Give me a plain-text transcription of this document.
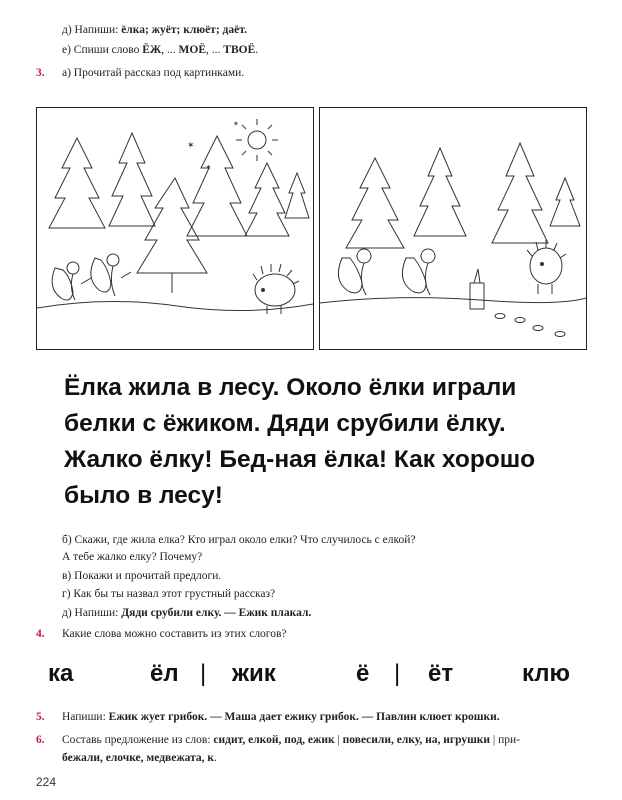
д) Напиши: ёлка; жуёт; клюёт; даёт.
е) Спиши слово ЁЖ, ... МОЁ, ... ТВОЁ.
3. а) Прочитай рассказ под картинками.
✶
✶
✶
Ёлка жила в лесу. Около ёлки играли
белки с ёжиком. Дяди срубили ёлку.
Жалко ёлку! Бед-ная ёлка! Как хорошо
было в лесу!
б) Скажи, где жила елка? Кто играл около елки? Что случилось с елкой?
А тебе жалко елку? Почему?
в) Покажи и прочитай предлоги.
г) Как бы ты назвал этот грустный рассказ?
д) Напиши: Дяди срубили елку. — Ежик плакал.
4. Какие слова можно составить из этих слогов?
ка	ёл | жик	ё | ёт	клю
5. Напиши: Ежик жует грибок. — Маша дает ежику грибок. — Павлин клюет крошки.
6. Составь предложение из слов: сидит, елкой, под, ежик | повесили, елку, на, игрушки | при-
бежали, елочке, медвежата, к.
224
